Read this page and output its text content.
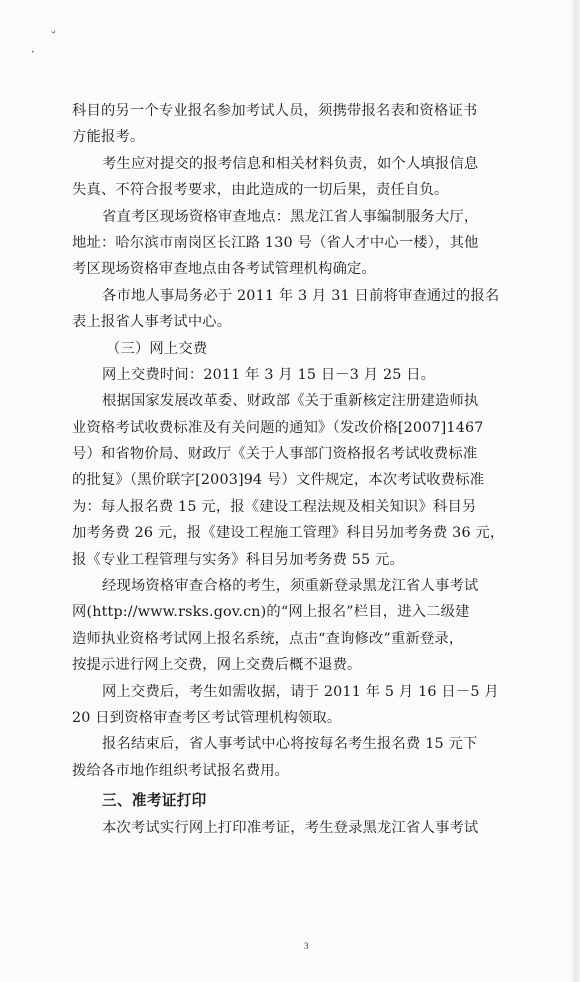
ˇ
·
科目的另一个专业报名参加考试人员，须携带报名表和资格证书
方能报考。
考生应对提交的报考信息和相关材料负责，如个人填报信息
失真、不符合报考要求，由此造成的一切后果，责任自负。
省直考区现场资格审查地点：黑龙江省人事编制服务大厅，
地址：哈尔滨市南岗区长江路 130 号（省人才中心一楼），其他
考区现场资格审查地点由各考试管理机构确定。
各市地人事局务必于 2011 年 3 月 31 日前将审查通过的报名
表上报省人事考试中心。
（三）网上交费
网上交费时间：2011 年 3 月 15 日－3 月 25 日。
根据国家发展改革委、财政部《关于重新核定注册建造师执
业资格考试收费标准及有关问题的通知》（发改价格[2007]1467
号）和省物价局、财政厅《关于人事部门资格报名考试收费标准
的批复》（黑价联字[2003]94 号）文件规定，本次考试收费标准
为：每人报名费 15 元，报《建设工程法规及相关知识》科目另
加考务费 26 元，报《建设工程施工管理》科目另加考务费 36 元，
报《专业工程管理与实务》科目另加考务费 55 元。
经现场资格审查合格的考生，须重新登录黑龙江省人事考试
网(http://www.rsks.gov.cn)的“网上报名”栏目，进入二级建
造师执业资格考试网上报名系统，点击“查询修改”重新登录，
按提示进行网上交费，网上交费后概不退费。
网上交费后，考生如需收据，请于 2011 年 5 月 16 日－5 月
20 日到资格审查考区考试管理机构领取。
报名结束后，省人事考试中心将按每名考生报名费 15 元下
拨给各市地作组织考试报名费用。
三、准考证打印
本次考试实行网上打印准考证，考生登录黑龙江省人事考试
3
